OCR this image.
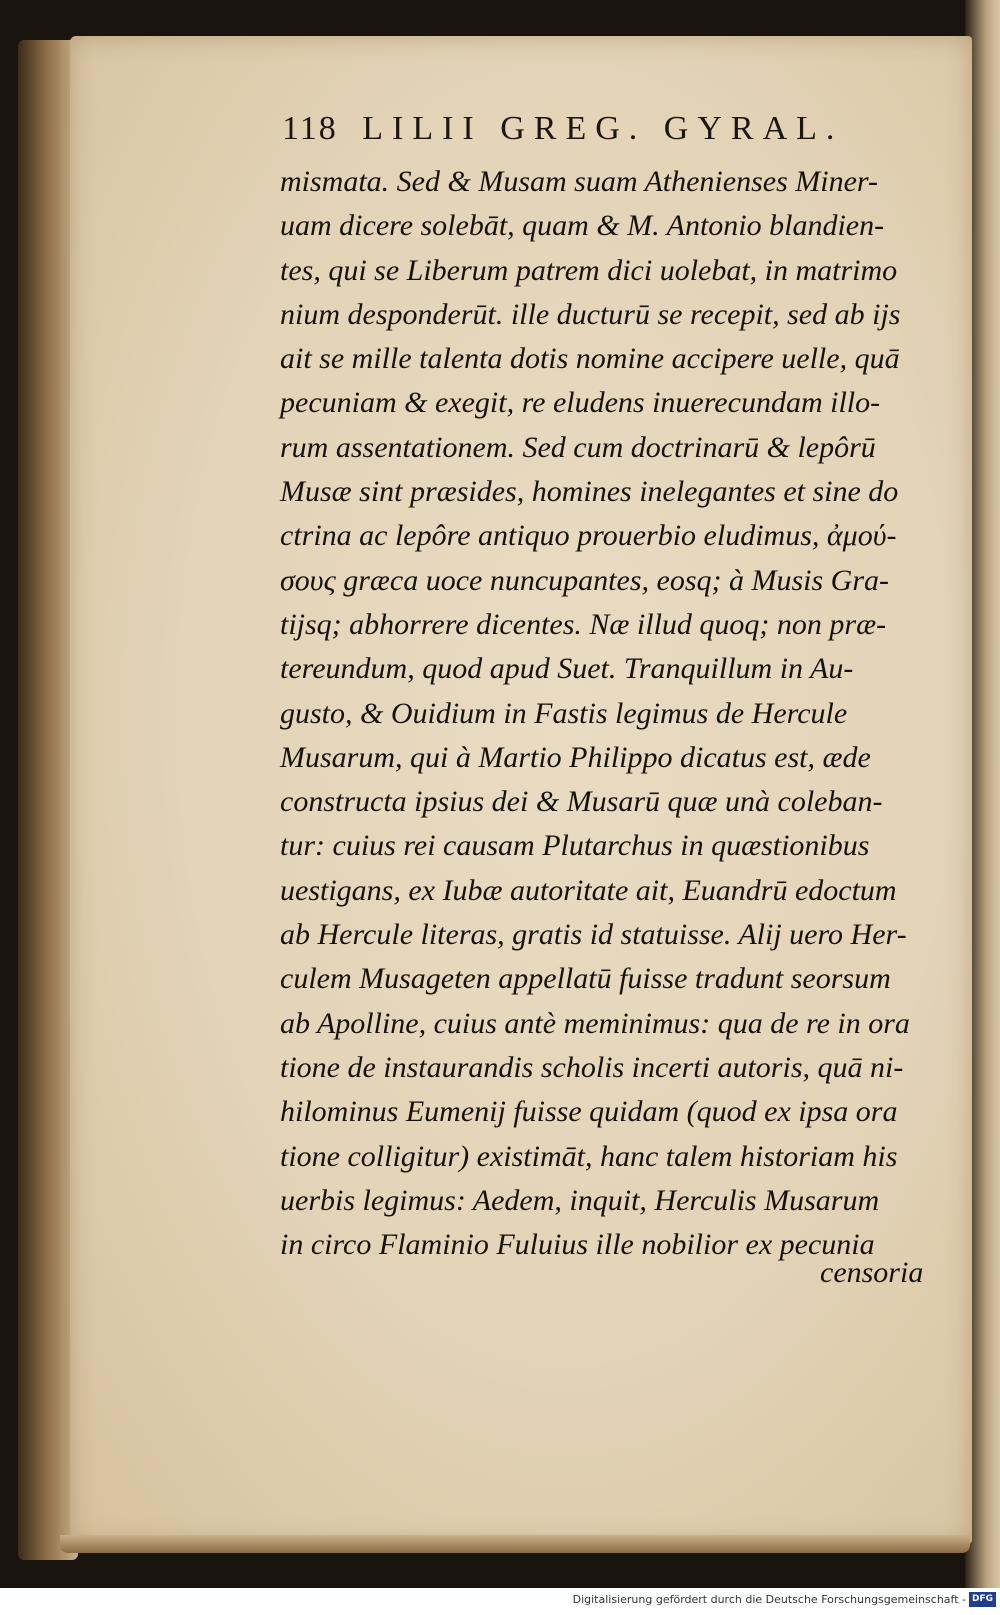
118 LILII GREG. GYRAL.
mismata. Sed & Musam suam Athenienses Miner-
uam dicere solebāt, quam & M. Antonio blandien-
tes, qui se Liberum patrem dici uolebat, in matrimo
nium desponderūt. ille ducturū se recepit, sed ab ijs
ait se mille talenta dotis nomine accipere uelle, quā
pecuniam & exegit, re eludens inuerecundam illo-
rum assentationem. Sed cum doctrinarū & lepôrū
Musæ sint præsides, homines inelegantes et sine do
ctrina ac lepôre antiquo prouerbio eludimus, ἀμού-
σους græca uoce nuncupantes, eosq; à Musis Gra-
tijsq; abhorrere dicentes. Næ illud quoq; non præ-
tereundum, quod apud Suet. Tranquillum in Au-
gusto, & Ouidium in Fastis legimus de Hercule
Musarum, qui à Martio Philippo dicatus est, æde
constructa ipsius dei & Musarū quæ unà coleban-
tur: cuius rei causam Plutarchus in quæstionibus
uestigans, ex Iubæ autoritate ait, Euandrū edoctum
ab Hercule literas, gratis id statuisse. Alij uero Her-
culem Musageten appellatū fuisse tradunt seorsum
ab Apolline, cuius antè meminimus: qua de re in ora
tione de instaurandis scholis incerti autoris, quā ni-
hilominus Eumenij fuisse quidam (quod ex ipsa ora
tione colligitur) existimāt, hanc talem historiam his
uerbis legimus: Aedem, inquit, Herculis Musarum
in circo Flaminio Fuluius ille nobilior ex pecunia
censoria
Digitalisierung gefördert durch die Deutsche Forschungsgemeinschaft - DFG
